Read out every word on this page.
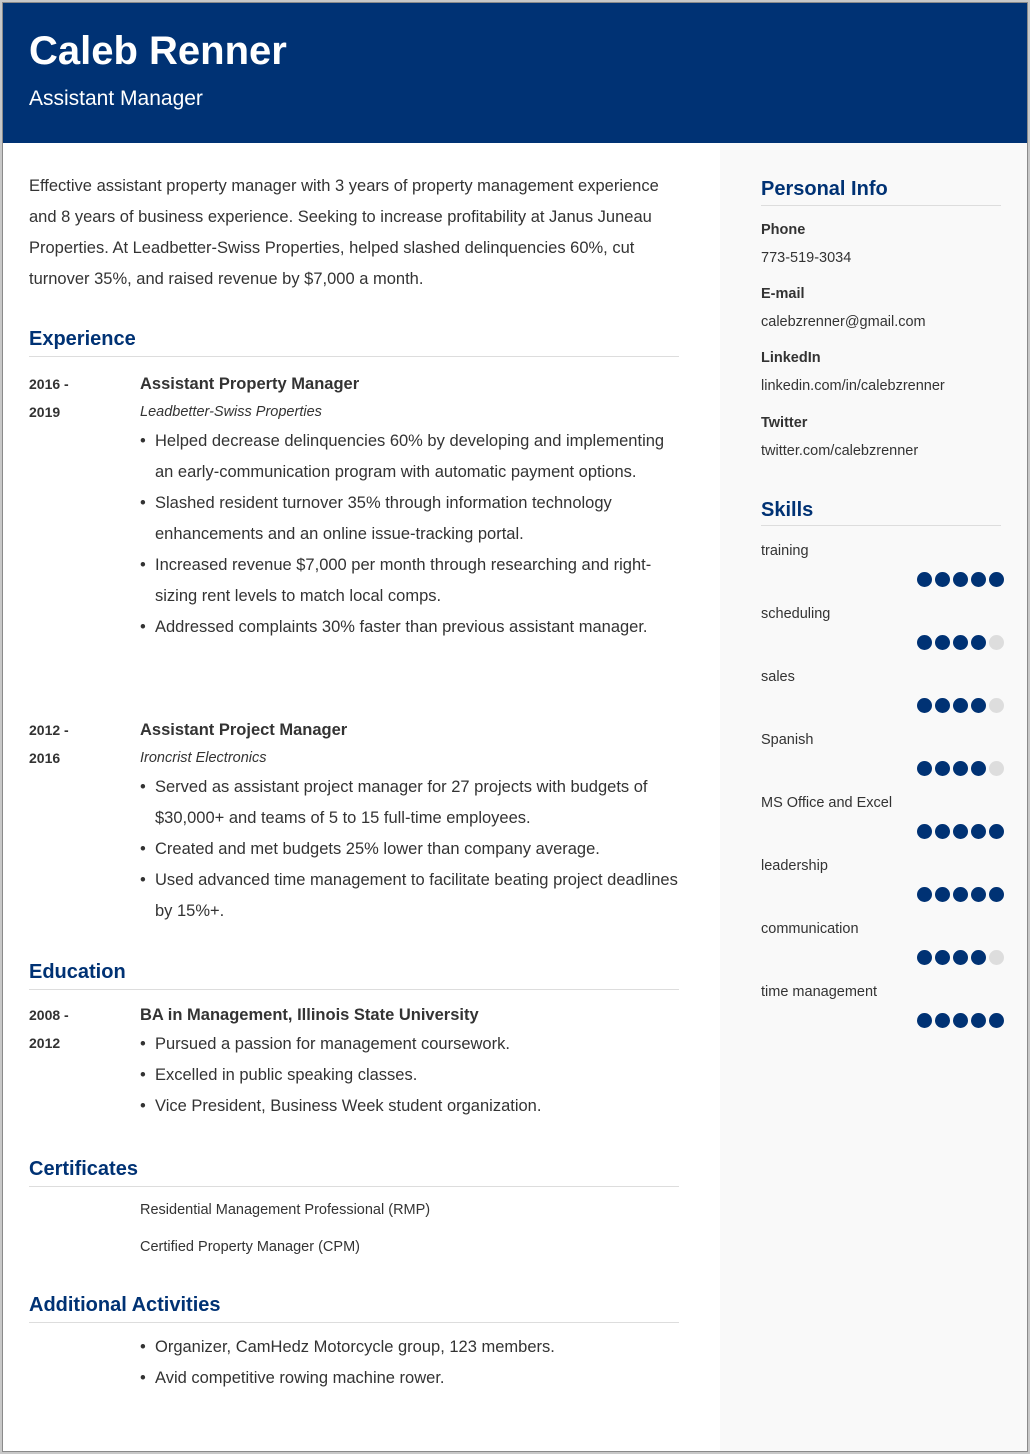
Caleb Renner
Assistant Manager
Effective assistant property manager with 3 years of property management experience and 8 years of business experience. Seeking to increase profitability at Janus Juneau Properties. At Leadbetter-Swiss Properties, helped slashed delinquencies 60%, cut turnover 35%, and raised revenue by $7,000 a month.
Experience
2016 -
2019
Assistant Property Manager
Leadbetter-Swiss Properties
• Helped decrease delinquencies 60% by developing and implementing an early-communication program with automatic payment options.
• Slashed resident turnover 35% through information technology enhancements and an online issue-tracking portal.
• Increased revenue $7,000 per month through researching and right-sizing rent levels to match local comps.
• Addressed complaints 30% faster than previous assistant manager.
2012 -
2016
Assistant Project Manager
Ironcrist Electronics
• Served as assistant project manager for 27 projects with budgets of $30,000+ and teams of 5 to 15 full-time employees.
• Created and met budgets 25% lower than company average.
• Used advanced time management to facilitate beating project deadlines by 15%+.
Education
2008 -
2012
BA in Management, Illinois State University
• Pursued a passion for management coursework.
• Excelled in public speaking classes.
• Vice President, Business Week student organization.
Certificates
Residential Management Professional (RMP)
Certified Property Manager (CPM)
Additional Activities
• Organizer, CamHedz Motorcycle group, 123 members.
• Avid competitive rowing machine rower.
Personal Info
Phone
773-519-3034
E-mail
calebzrenner@gmail.com
LinkedIn
linkedin.com/in/calebzrenner
Twitter
twitter.com/calebzrenner
Skills
training
scheduling
sales
Spanish
MS Office and Excel
leadership
communication
time management
